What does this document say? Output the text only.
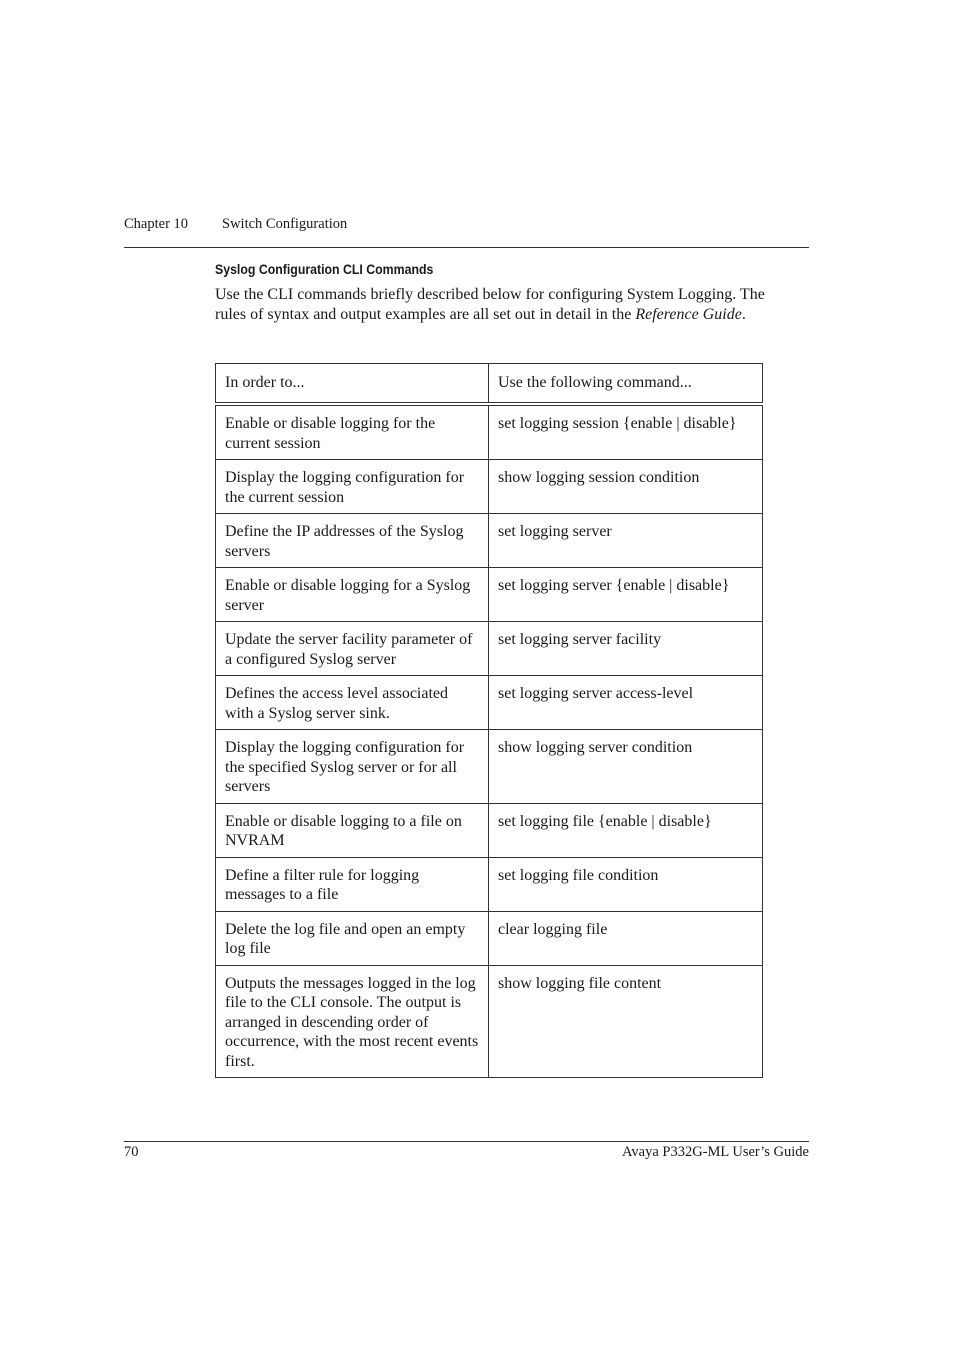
Chapter 10 Switch Configuration
Syslog Configuration CLI Commands

Use the CLI commands briefly described below for configuring System Logging. The rules of syntax and output examples are all set out in detail in the Reference Guide.

In order to...	Use the following command...
Enable or disable logging for the current session	set logging session {enable | disable}
Display the logging configuration for the current session	show logging session condition
Define the IP addresses of the Syslog servers	set logging server
Enable or disable logging for a Syslog server	set logging server {enable | disable}
Update the server facility parameter of a configured Syslog server	set logging server facility
Defines the access level associated with a Syslog server sink.	set logging server access-level
Display the logging configuration for the specified Syslog server or for all servers	show logging server condition
Enable or disable logging to a file on NVRAM	set logging file {enable | disable}
Define a filter rule for logging messages to a file	set logging file condition
Delete the log file and open an empty log file	clear logging file
Outputs the messages logged in the log file to the CLI console. The output is arranged in descending order of occurrence, with the most recent events first.	show logging file content
70	Avaya P332G-ML User’s Guide
